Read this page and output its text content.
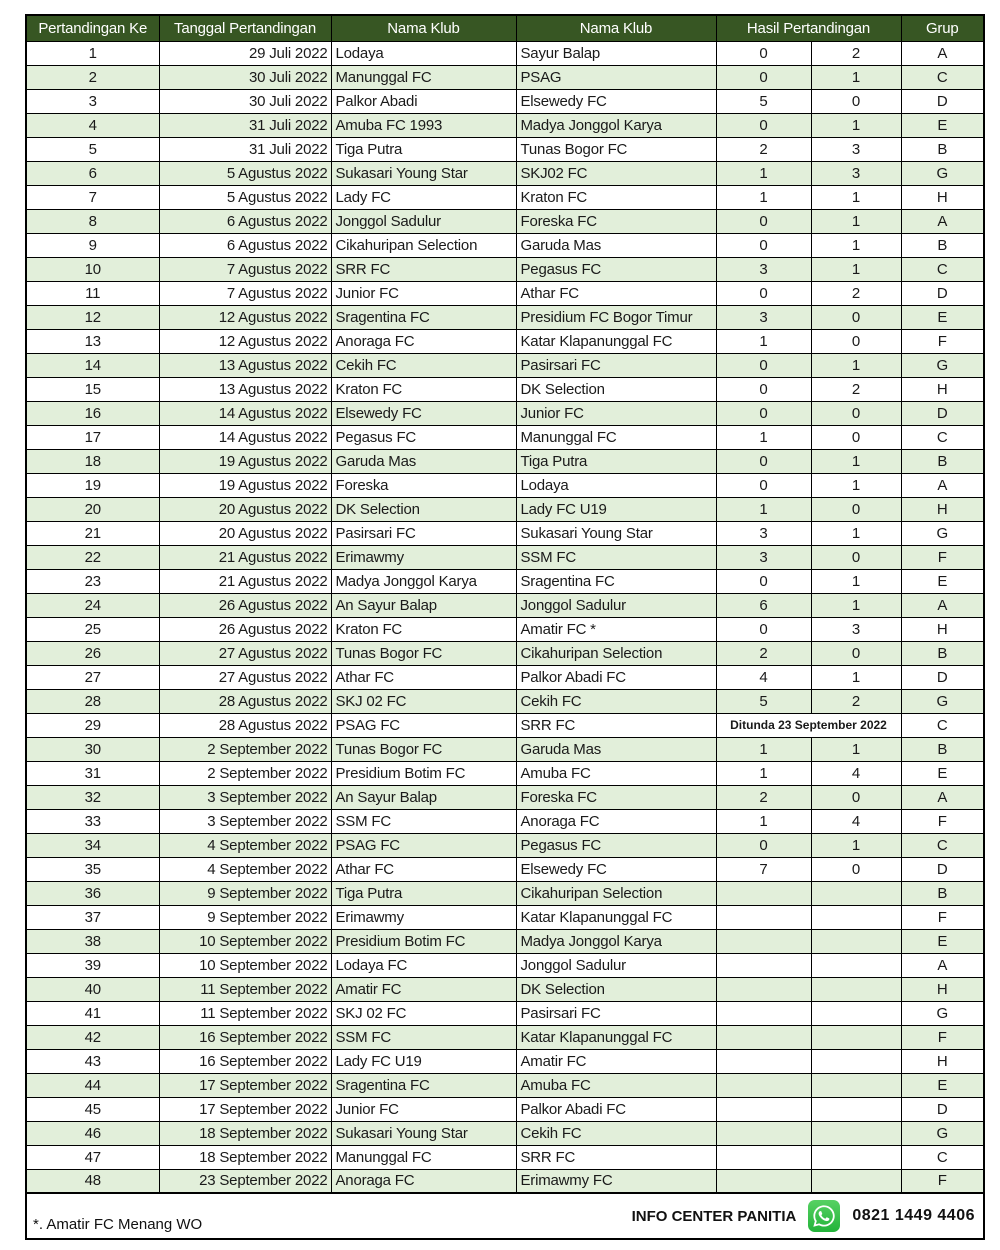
Pertandingan Ke	Tanggal Pertandingan	Nama Klub	Nama Klub	Hasil Pertandingan		Grup
1	29 Juli 2022	Lodaya	Sayur Balap	0	2	A
2	30 Juli 2022	Manunggal FC	PSAG	0	1	C
3	30 Juli 2022	Palkor Abadi	Elsewedy FC	5	0	D
4	31 Juli 2022	Amuba FC 1993	Madya Jonggol Karya	0	1	E
5	31 Juli 2022	Tiga Putra	Tunas Bogor FC	2	3	B
6	5 Agustus 2022	Sukasari Young Star	SKJ02 FC	1	3	G
7	5 Agustus 2022	Lady FC	Kraton FC	1	1	H
8	6 Agustus 2022	Jonggol Sadulur	Foreska FC	0	1	A
9	6 Agustus 2022	Cikahuripan Selection	Garuda Mas	0	1	B
10	7 Agustus 2022	SRR FC	Pegasus FC	3	1	C
11	7 Agustus 2022	Junior FC	Athar FC	0	2	D
12	12 Agustus 2022	Sragentina FC	Presidium FC Bogor Timur	3	0	E
13	12 Agustus 2022	Anoraga FC	Katar Klapanunggal FC	1	0	F
14	13 Agustus 2022	Cekih FC	Pasirsari FC	0	1	G
15	13 Agustus 2022	Kraton FC	DK Selection	0	2	H
16	14 Agustus 2022	Elsewedy FC	Junior FC	0	0	D
17	14 Agustus 2022	Pegasus FC	Manunggal FC	1	0	C
18	19 Agustus 2022	Garuda Mas	Tiga Putra	0	1	B
19	19 Agustus 2022	Foreska	Lodaya	0	1	A
20	20 Agustus 2022	DK Selection	Lady FC U19	1	0	H
21	20 Agustus 2022	Pasirsari FC	Sukasari Young Star	3	1	G
22	21 Agustus 2022	Erimawmy	SSM FC	3	0	F
23	21 Agustus 2022	Madya Jonggol Karya	Sragentina FC	0	1	E
24	26 Agustus 2022	An Sayur Balap	Jonggol Sadulur	6	1	A
25	26 Agustus 2022	Kraton FC	Amatir FC *	0	3	H
26	27 Agustus 2022	Tunas Bogor FC	Cikahuripan Selection	2	0	B
27	27 Agustus 2022	Athar FC	Palkor Abadi FC	4	1	D
28	28 Agustus 2022	SKJ 02 FC	Cekih FC	5	2	G
29	28 Agustus 2022	PSAG FC	SRR FC	Ditunda 23 September 2022		C
30	2 September 2022	Tunas Bogor FC	Garuda Mas	1	1	B
31	2 September 2022	Presidium Botim FC	Amuba FC	1	4	E
32	3 September 2022	An Sayur Balap	Foreska FC	2	0	A
33	3 September 2022	SSM FC	Anoraga FC	1	4	F
34	4 September 2022	PSAG FC	Pegasus FC	0	1	C
35	4 September 2022	Athar FC	Elsewedy FC	7	0	D
36	9 September 2022	Tiga Putra	Cikahuripan Selection			B
37	9 September 2022	Erimawmy	Katar Klapanunggal FC			F
38	10 September 2022	Presidium Botim FC	Madya Jonggol Karya			E
39	10 September 2022	Lodaya FC	Jonggol Sadulur			A
40	11 September 2022	Amatir FC	DK Selection			H
41	11 September 2022	SKJ 02 FC	Pasirsari FC			G
42	16 September 2022	SSM FC	Katar Klapanunggal FC			F
43	16 September 2022	Lady FC U19	Amatir FC			H
44	17 September 2022	Sragentina FC	Amuba FC			E
45	17 September 2022	Junior FC	Palkor Abadi FC			D
46	18 September 2022	Sukasari Young Star	Cekih FC			G
47	18 September 2022	Manunggal FC	SRR FC			C
48	23 September 2022	Anoraga FC	Erimawmy FC			F
*. Amatir FC Menang WO	INFO CENTER PANITIA	0821 1449 4406
